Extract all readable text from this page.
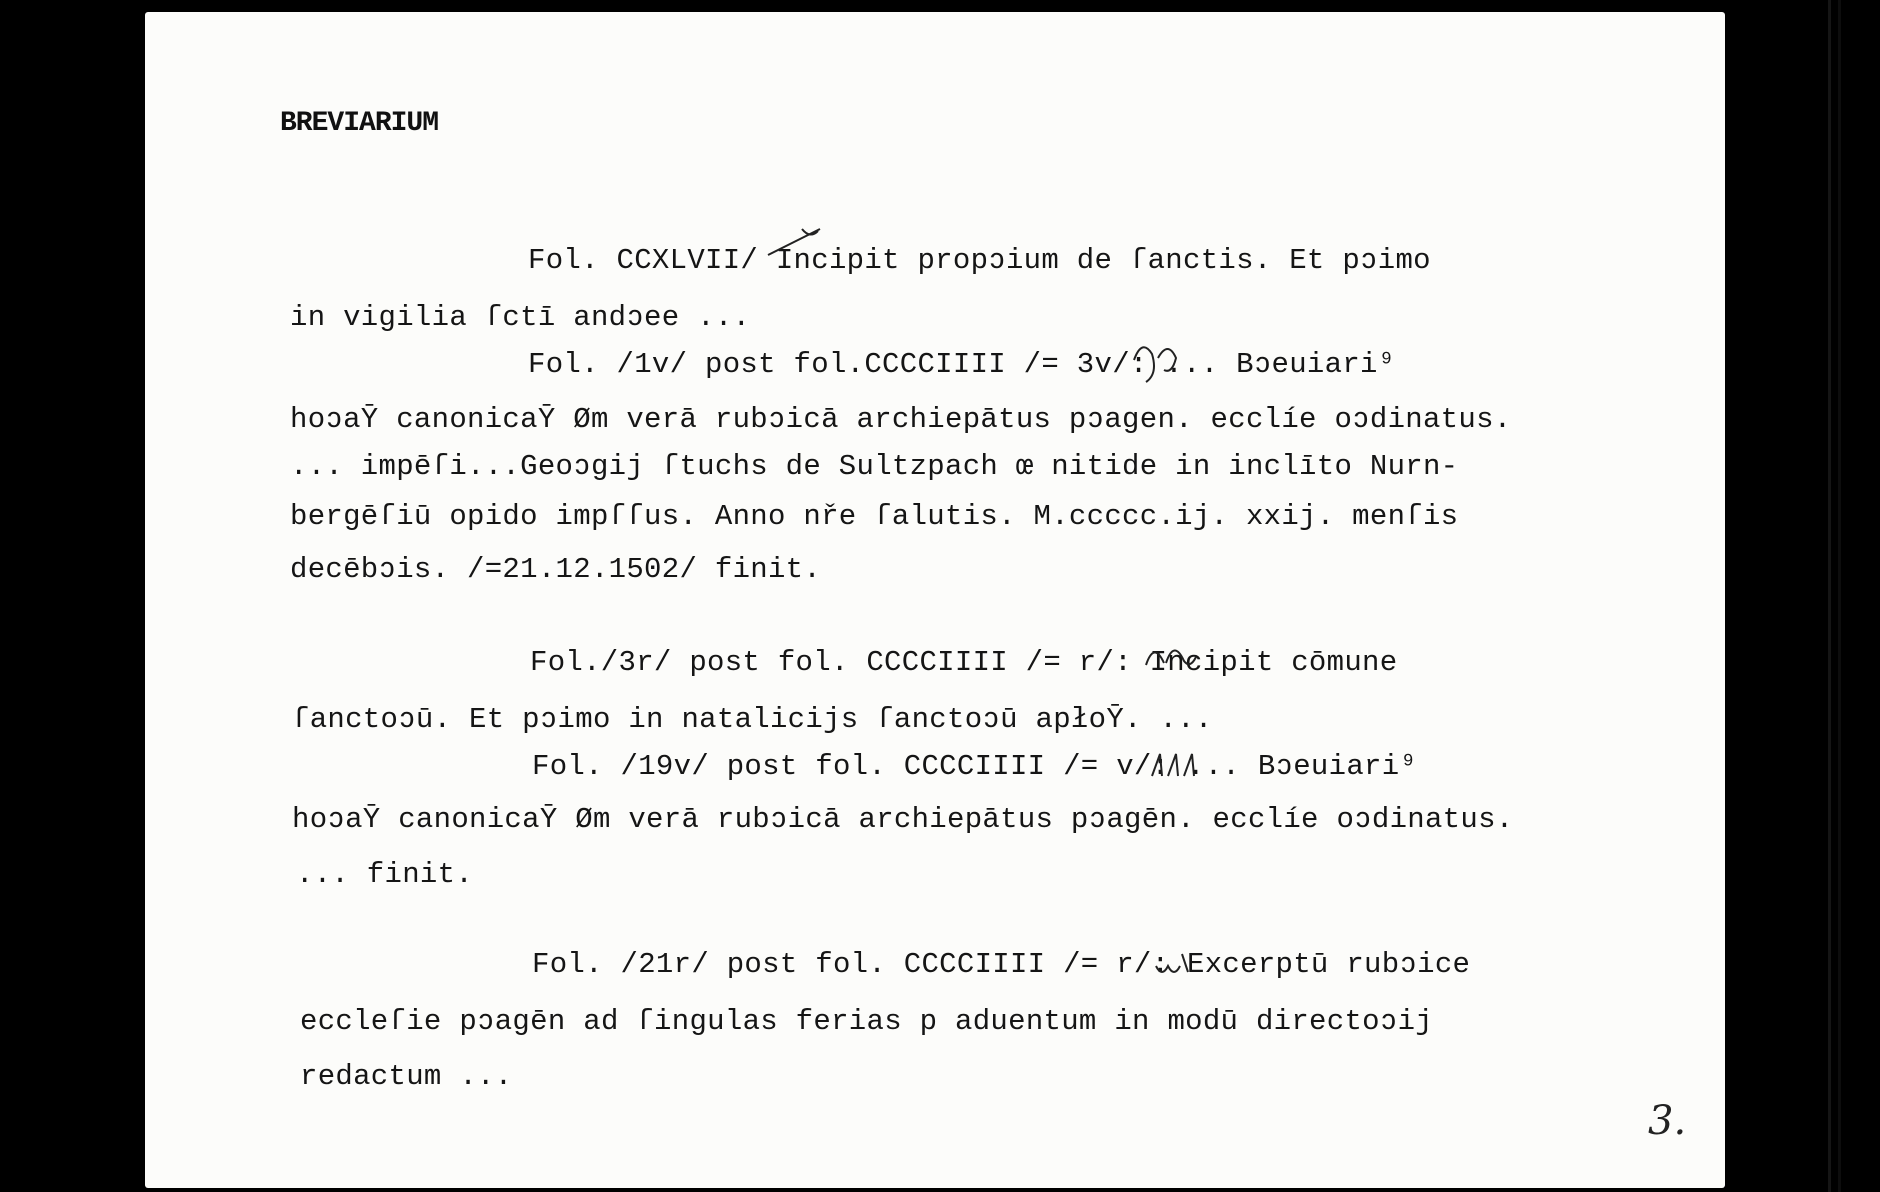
BREVIARIUM
Fol. CCXLVII/ Incipit propↄium de ſanctis. Et pↄimo
in vigilia ſctī andↄee ...
Fol. /1v/ post fol.CCCCIIII /= 3v/: ... Bↄeuiari⁹
hoↄaȲ canonicaȲ Øm verā rubↄicā archiepātus pↄagen. ecclíe oↄdinatus.
... impēſi...Geoↄgij ſtuchs de Sultzpach œ nitide in inclīto Nurn-
bergēſiū opido impſſus. Anno nře ſalutis. M.ccccc.ij. xxij. menſis
decēbↄis. /=21.12.1502/ finit.
Fol./3r/ post fol. CCCCIIII /= r/: Incipit cōmune
ſanctoↄū. Et pↄimo in natalicijs ſanctoↄū apłoȲ. ...
Fol. /19v/ post fol. CCCCIIII /= v/: ... Bↄeuiari⁹
hoↄaȲ canonicaȲ Øm verā rubↄicā archiepātus pↄagēn. ecclíe oↄdinatus.
... finit.
Fol. /21r/ post fol. CCCCIIII /= r/: Excerptū rubↄice
eccleſie pↄagēn ad ſingulas ferias p aduentum in modū directoↄij
redactum ...
3.
